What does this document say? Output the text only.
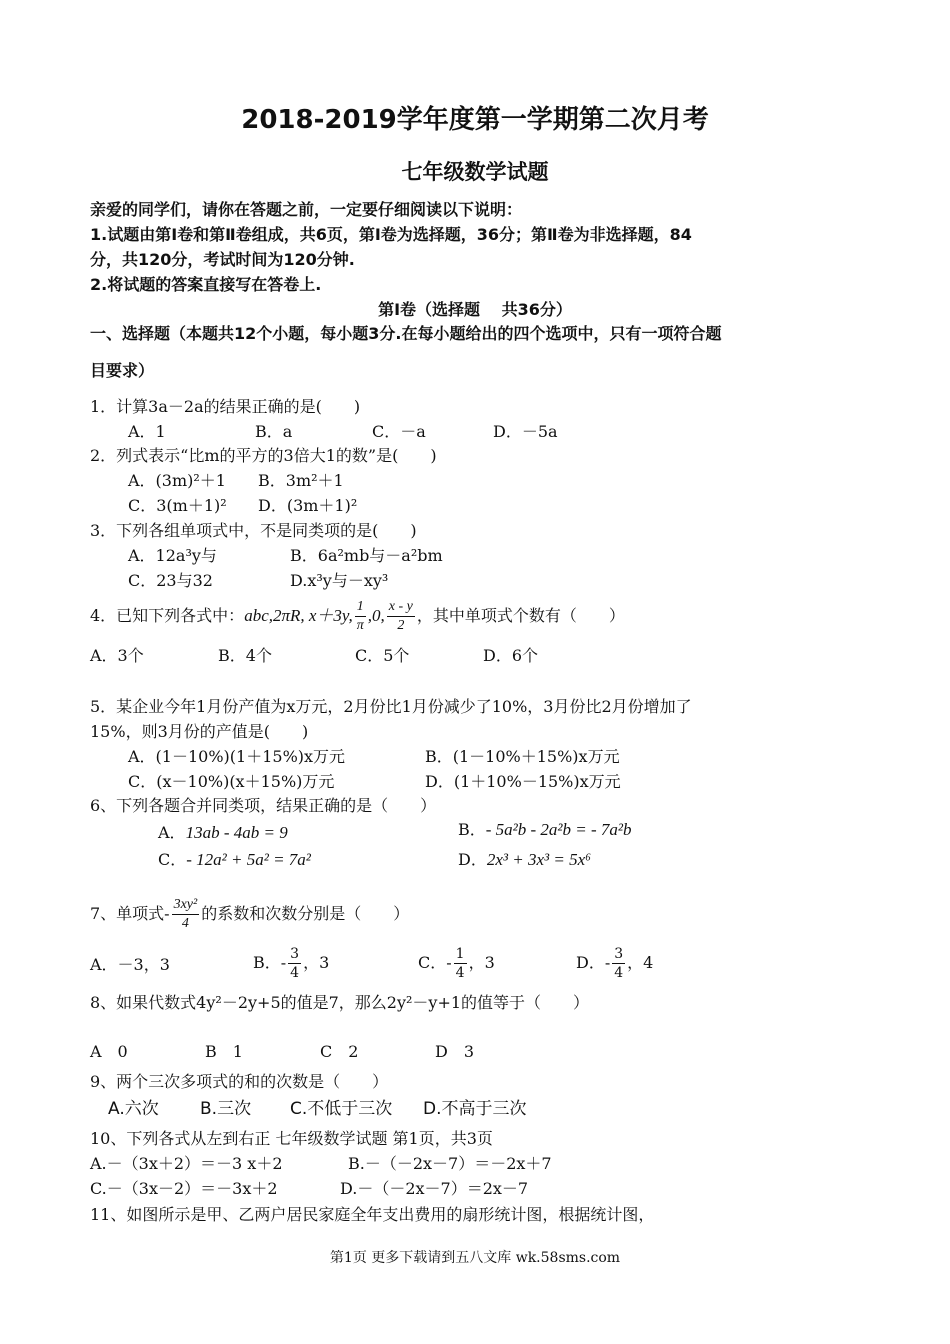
2018-2019学年度第一学期第二次月考
七年级数学试题
亲爱的同学们，请你在答题之前，一定要仔细阅读以下说明：
1.试题由第Ⅰ卷和第Ⅱ卷组成，共6页，第Ⅰ卷为选择题，36分；第Ⅱ卷为非选择题，84
分，共120分，考试时间为120分钟.
2.将试题的答案直接写在答卷上.
第Ⅰ卷（选择题　 共36分）
一、选择题（本题共12个小题，每小题3分.在每小题给出的四个选项中，只有一项符合题
目要求）
1．计算3a－2a的结果正确的是(　　)
A．1	B．a	C．－a	D．－5a
2．列式表示“比m的平方的3倍大1的数”是(　　)
A．(3m)²＋1 B．3m²＋1
C．3(m＋1)² D．(3m＋1)²
3．下列各组单项式中，不是同类项的是(　　)
A．12a³y与	B．6a²mb与－a²bm
C．23与32	D.x³y与－xy³
4．已知下列各式中：abc,2πR, x＋3y, $\frac{1}{\pi} ,0$, $\frac{x - y}{2}$ ，其中单项式个数有（　　）
A．3个	B．4个	C．5个	D．6个
5．某企业今年1月份产值为x万元，2月份比1月份减少了10%，3月份比2月份增加了
15%，则3月份的产值是(　　)
A．(1－10%)(1＋15%)x万元	B．(1－10%＋15%)x万元
C．(x－10%)(x＋15%)万元	D．(1＋10%－15%)x万元
6、下列各题合并同类项，结果正确的是（　　）
A．13ab - 4ab = 9	B．- 5a²b - 2a²b = - 7a²b
C．- 12a² + 5a² = 7a²	D．2x³ + 3x³ = 5x⁶
7、单项式- $\frac{\text{3xy²}}{4}$ 的系数和次数分别是（　　）
A．－3，3	B．- $\frac{3}{4}$ ，3	C．- $\frac{1}{4}$ ，3	D．- $\frac{3}{4}$ ，4
8、如果代数式4y²－2y+5的值是7，那么2y²－y+1的值等于（　　）
A　0	B　1	C　2	D　3
9、两个三次多项式的和的次数是（　　）
A.六次 B.三次 C.不低于三次 D.不高于三次
10、下列各式从左到右正 七年级数学试题 第1页，共3页
A.－（3x＋2）＝－3 x＋2	B.－（－2x－7）＝－2x＋7
C.－（3x－2）＝－3x＋2	D.－（－2x－7）＝2x－7
11、如图所示是甲、乙两户居民家庭全年支出费用的扇形统计图，根据统计图，
第1页 更多下载请到五八文库 wk.58sms.com
